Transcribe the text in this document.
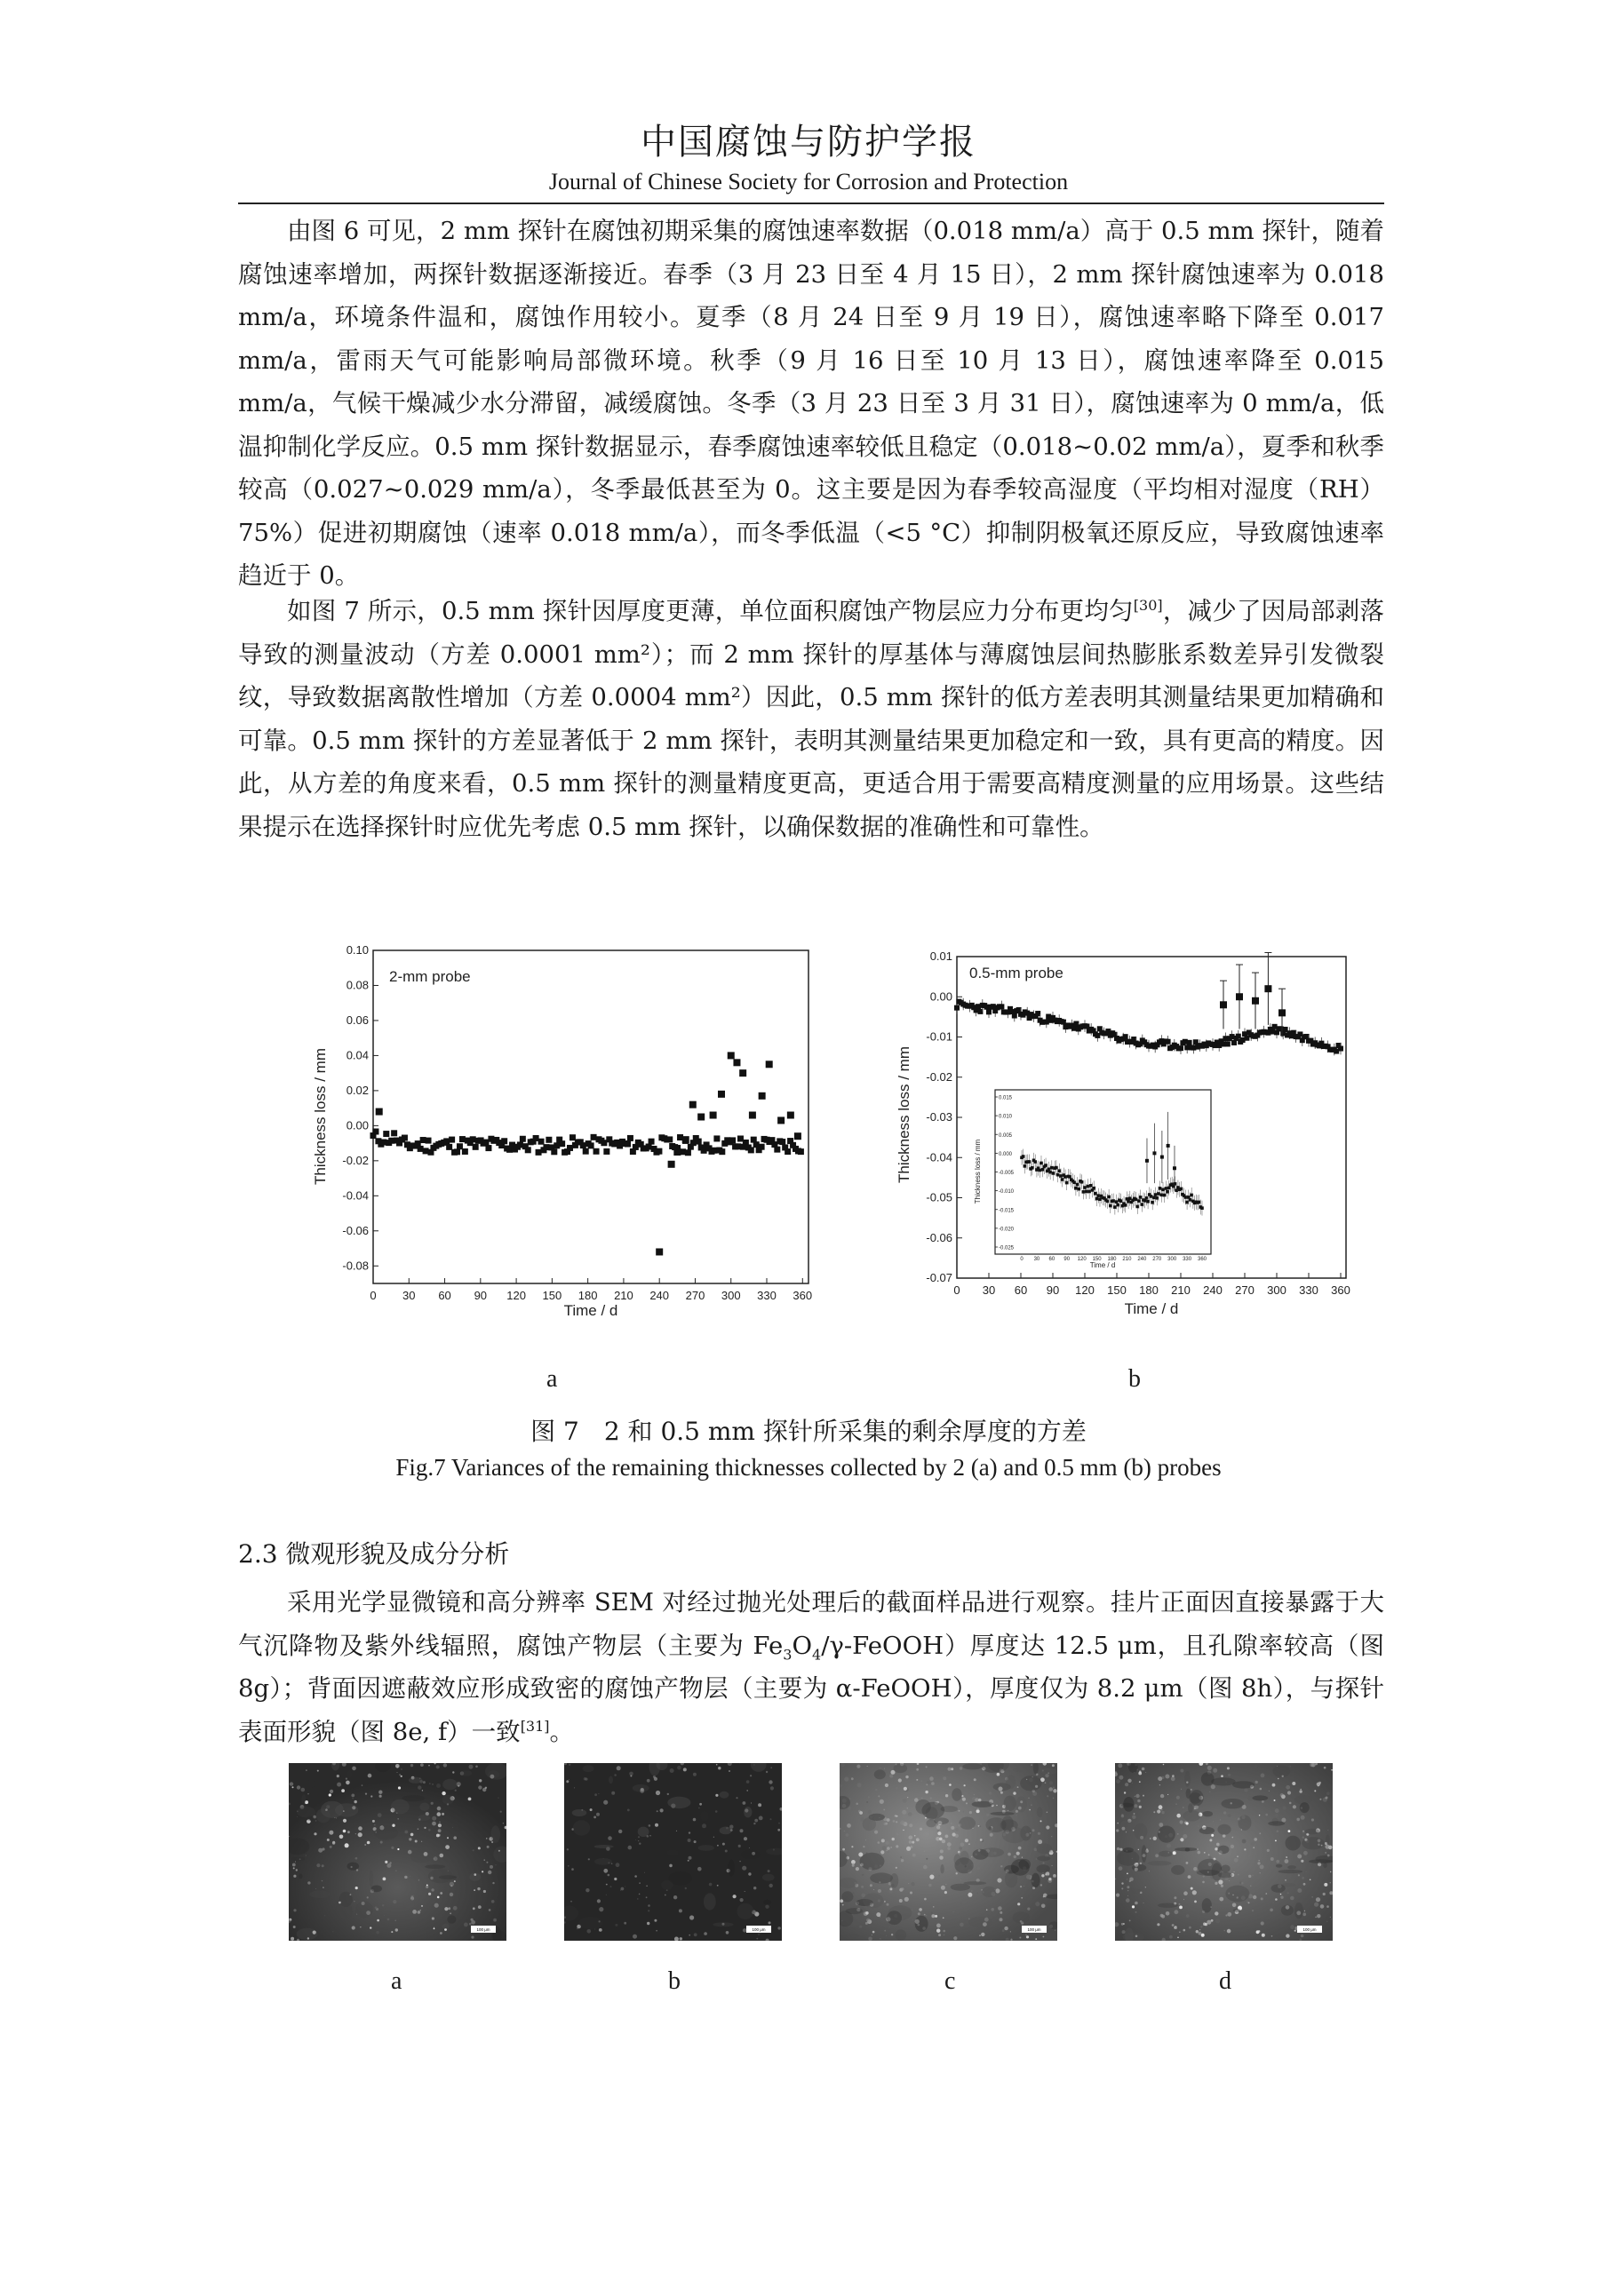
中国腐蚀与防护学报
Journal of Chinese Society for Corrosion and Protection

由图 6 可见，2 mm 探针在腐蚀初期采集的腐蚀速率数据（0.018 mm/a）高于 0.5 mm 探针，随着腐蚀速率增加，两探针数据逐渐接近。春季（3 月 23 日至 4 月 15 日），2 mm 探针腐蚀速率为 0.018 mm/a，环境条件温和，腐蚀作用较小。夏季（8 月 24 日至 9 月 19 日），腐蚀速率略下降至 0.017 mm/a，雷雨天气可能影响局部微环境。秋季（9 月 16 日至 10 月 13 日），腐蚀速率降至 0.015 mm/a，气候干燥减少水分滞留，减缓腐蚀。冬季（3 月 23 日至 3 月 31 日），腐蚀速率为 0 mm/a，低温抑制化学反应。0.5 mm 探针数据显示，春季腐蚀速率较低且稳定（0.018~0.02 mm/a），夏季和秋季较高（0.027~0.029 mm/a），冬季最低甚至为 0。这主要是因为春季较高湿度（平均相对湿度（RH）75%）促进初期腐蚀（速率 0.018 mm/a），而冬季低温（<5 °C）抑制阴极氧还原反应，导致腐蚀速率趋近于 0。

如图 7 所示，0.5 mm 探针因厚度更薄，单位面积腐蚀产物层应力分布更均匀[30]，减少了因局部剥落导致的测量波动（方差 0.0001 mm²）；而 2 mm 探针的厚基体与薄腐蚀层间热膨胀系数差异引发微裂纹，导致数据离散性增加（方差 0.0004 mm²）因此，0.5 mm 探针的低方差表明其测量结果更加精确和可靠。0.5 mm 探针的方差显著低于 2 mm 探针，表明其测量结果更加稳定和一致，具有更高的精度。因此，从方差的角度来看，0.5 mm 探针的测量精度更高，更适合用于需要高精度测量的应用场景。这些结果提示在选择探针时应优先考虑 0.5 mm 探针，以确保数据的准确性和可靠性。

0 30 60 90 120 150 180 210 240 270 300 330 360
-0.08
-0.06
-0.04
-0.02
0.00
0.02
0.04
0.06
0.08
0.10
2-mm probe
Time / d
Thickness loss / mm
0 30 60 90 120 150 180 210 240 270 300 330 360
-0.07
-0.06
-0.05
-0.04
-0.03
-0.02
-0.01
0.00
0.01
0.5-mm probe
Time / d
Thickness loss / mm	0.015
0.010
0.005
0.000
-0.005
-0.010
-0.015
-0.020
-0.025
0 30 60 90 120 150 180 210 240 270 300 330 360
Time / d
Thickness loss / mm
a	b
图 7　2 和 0.5 mm 探针所采集的剩余厚度的方差
Fig.7 Variances of the remaining thicknesses collected by 2 (a) and 0.5 mm (b) probes
2.3 微观形貌及成分分析

采用光学显微镜和高分辨率 SEM 对经过抛光处理后的截面样品进行观察。挂片正面因直接暴露于大气沉降物及紫外线辐照，腐蚀产物层（主要为 $Fe_3O_4/\gamma-FeOOH$）厚度达 12.5 μm，且孔隙率较高（图 8g）；背面因遮蔽效应形成致密的腐蚀产物层（主要为 α-FeOOH），厚度仅为 8.2 μm（图 8h），与探针表面形貌（图 8e, f）一致[31]。

100 μm	100 μm	100 μm	100 μm
a	b	c	d
